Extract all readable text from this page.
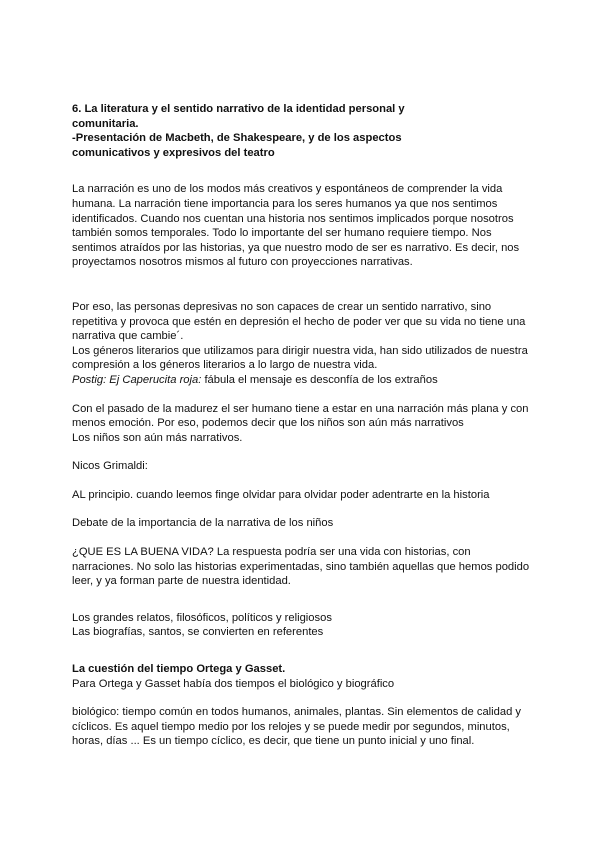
6. La literatura y el sentido narrativo de la identidad personal y
comunitaria.

-Presentación de Macbeth, de Shakespeare, y de los aspectos
comunicativos y expresivos del teatro

La narración es uno de los modos más creativos y espontáneos de comprender la vida
humana. La narración tiene importancia para los seres humanos ya que nos sentimos
identificados. Cuando nos cuentan una historia nos sentimos implicados porque nosotros
también somos temporales. Todo lo importante del ser humano requiere tiempo. Nos
sentimos atraídos por las historias, ya que nuestro modo de ser es narrativo. Es decir, nos
proyectamos nosotros mismos al futuro con proyecciones narrativas.

Por eso, las personas depresivas no son capaces de crear un sentido narrativo, sino
repetitiva y provoca que estén en depresión el hecho de poder ver que su vida no tiene una
narrativa que cambie´.
Los géneros literarios que utilizamos para dirigir nuestra vida, han sido utilizados de nuestra
compresión a los géneros literarios a lo largo de nuestra vida.

Postig: Ej Caperucita roja: fábula el mensaje es desconfía de los extraños

Con el pasado de la madurez el ser humano tiene a estar en una narración más plana y con
menos emoción. Por eso, podemos decir que los niños son aún más narrativos
Los niños son aún más narrativos.

Nicos Grimaldi:

AL principio. cuando leemos finge olvidar para olvidar poder adentrarte en la historia

Debate de la importancia de la narrativa de los niños

¿QUE ES LA BUENA VIDA? La respuesta podría ser una vida con historias, con
narraciones. No solo las historias experimentadas, sino también aquellas que hemos podido
leer, y ya forman parte de nuestra identidad.

Los grandes relatos, filosóficos, políticos y religiosos
Las biografías, santos, se convierten en referentes

La cuestión del tiempo Ortega y Gasset.

Para Ortega y Gasset había dos tiempos el biológico y biográfico

biológico: tiempo común en todos humanos, animales, plantas. Sin elementos de calidad y
cíclicos. Es aquel tiempo medio por los relojes y se puede medir por segundos, minutos,
horas, días ... Es un tiempo cíclico, es decir, que tiene un punto inicial y uno final.
